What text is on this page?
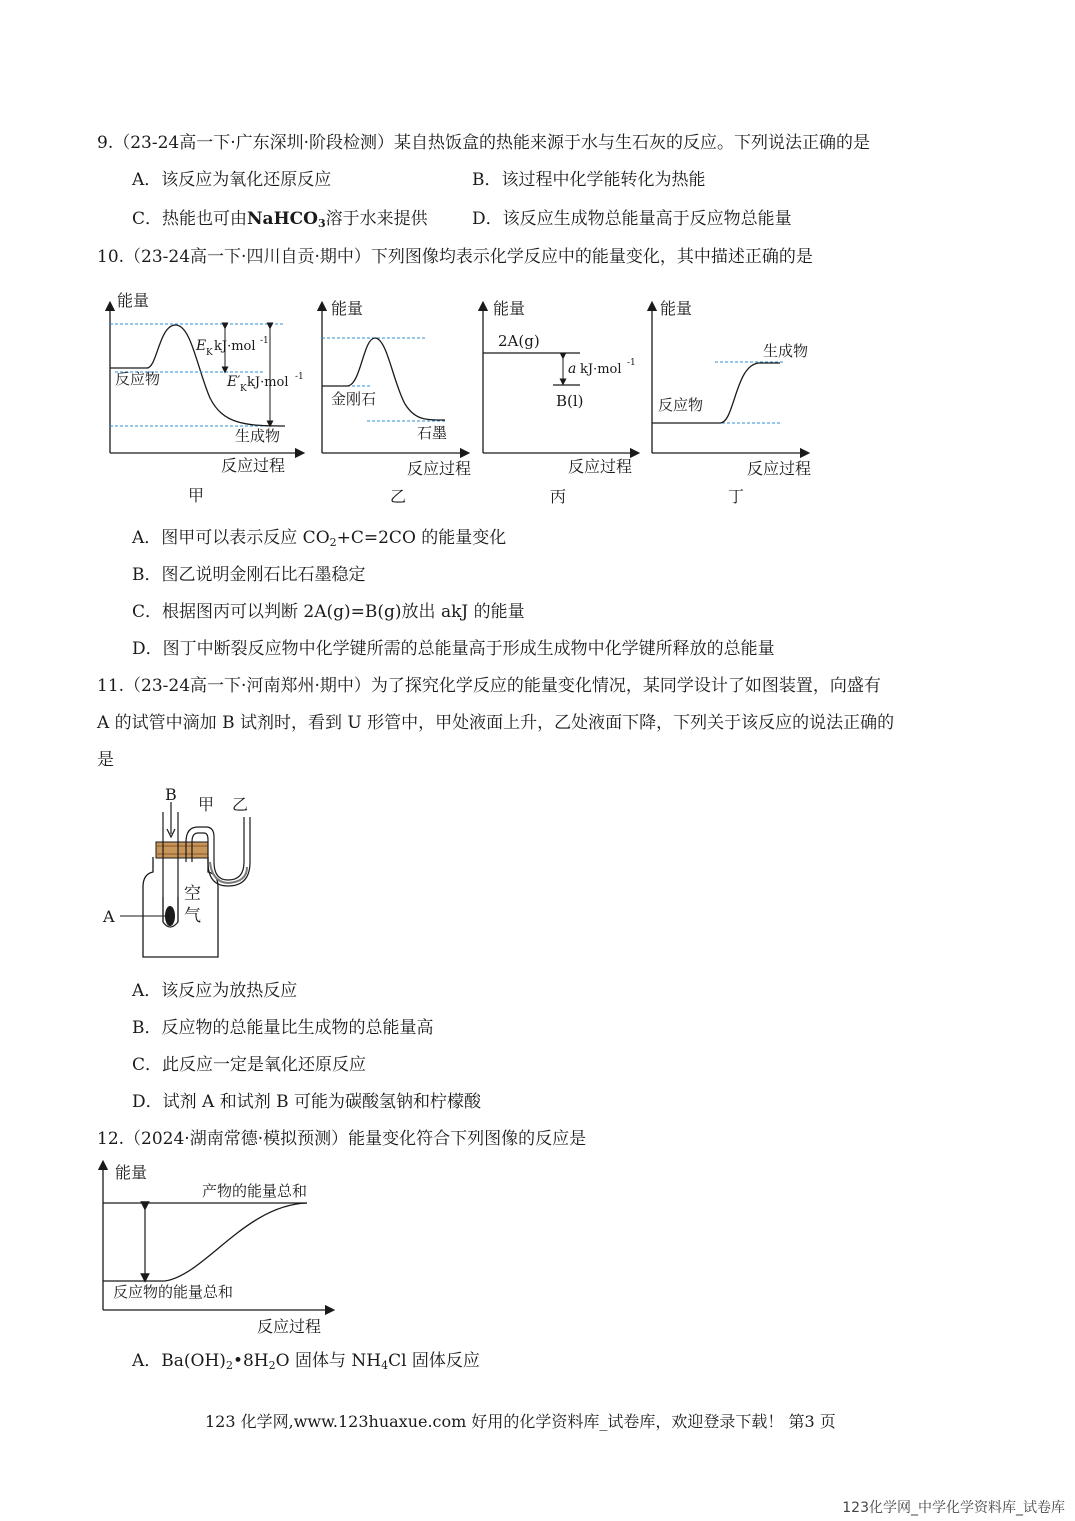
9.（23-24高一下·广东深圳·阶段检测）某自热饭盒的热能来源于水与生石灰的反应。下列说法正确的是
A．该反应为氧化还原反应	B．该过程中化学能转化为热能
C．热能也可由NaHCO$_3$溶于水来提供	D．该反应生成物总能量高于反应物总能量
10.（23-24高一下·四川自贡·期中）下列图像均表示化学反应中的能量变化，其中描述正确的是
能量
反应过程
甲
反应物
生成物
E K kJ·mol -1
E′ K kJ·mol -1
能量
反应过程
乙
金刚石
石墨
能量
反应过程
丙
2A(g)
B(l)
a kJ·mol -1
能量
反应过程
丁
反应物
生成物
A．图甲可以表示反应 $CO_2+C=2CO$ 的能量变化
B．图乙说明金刚石比石墨稳定
C．根据图丙可以判断 2A(g)=B(g)放出 akJ 的能量
D．图丁中断裂反应物中化学键所需的总能量高于形成生成物中化学键所释放的总能量
11.（23-24高一下·河南郑州·期中）为了探究化学反应的能量变化情况，某同学设计了如图装置，向盛有
A 的试管中滴加 B 试剂时，看到 U 形管中，甲处液面上升，乙处液面下降，下列关于该反应的说法正确的
是
B
甲 乙
空
气
A
A．该反应为放热反应
B．反应物的总能量比生成物的总能量高
C．此反应一定是氧化还原反应
D．试剂 A 和试剂 B 可能为碳酸氢钠和柠檬酸
12.（2024·湖南常德·模拟预测）能量变化符合下列图像的反应是
能量
产物的能量总和
反应物的能量总和
反应过程
A．$Ba(OH)_2•8H_2O$ 固体与 $NH_4Cl$ 固体反应
123 化学网,www.123huaxue.com 好用的化学资料库_试卷库，欢迎登录下载！ 第3 页
123化学网_中学化学资料库_试卷库
